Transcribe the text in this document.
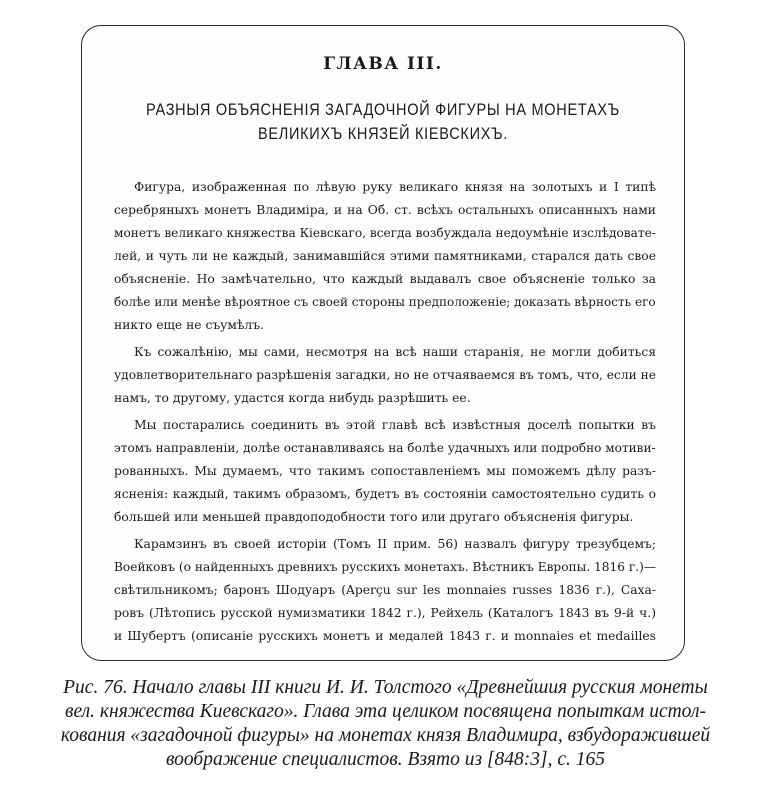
ГЛАВА III.
РАЗНЫЯ ОБЪЯСНЕНІЯ ЗАГАДОЧНОЙ ФИГУРЫ НА МОНЕТАХЪ
ВЕЛИКИХЪ КНЯЗЕЙ КІЕВСКИХЪ.
Фигура, изображенная по лѣвую руку великаго князя на золотыхъ и I типѣ
серебряныхъ монетъ Владиміра, и на Об. ст. всѣхъ остальныхъ описанныхъ нами
монетъ великаго княжества Кіевскаго, всегда возбуждала недоумѣніе изслѣдовате-
лей, и чуть ли не каждый, занимавшійся этими памятниками, старался дать свое
объясненіе. Но замѣчательно, что каждый выдавалъ свое объясненіе только за
болѣе или менѣе вѣроятное съ своей стороны предположеніе; доказать вѣрность его
никто еще не съумѣлъ.
Къ сожалѣнію, мы сами, несмотря на всѣ наши старанія, не могли добиться
удовлетворительнаго разрѣшенія загадки, но не отчаяваемся въ томъ, что, если не
намъ, то другому, удастся когда нибудь разрѣшить ее.
Мы постарались соединить въ этой главѣ всѣ извѣстныя доселѣ попытки въ
этомъ направленіи, долѣе останавливаясь на болѣе удачныхъ или подробно мотиви-
рованныхъ. Мы думаемъ, что такимъ сопоставленіемъ мы поможемъ дѣлу разъ-
ясненія: каждый, такимъ образомъ, будетъ въ состояніи самостоятельно судить о
большей или меньшей правдоподобности того или другаго объясненія фигуры.
Карамзинъ въ своей исторіи (Томъ II прим. 56) назвалъ фигуру трезубцемъ;
Воейковъ (о найденныхъ древнихъ русскихъ монетахъ. Вѣстникъ Европы. 1816 г.)—
свѣтильникомъ; баронъ Шодуаръ (Aperçu sur les monnaies russes 1836 г.), Саха-
ровъ (Лѣтопись русской нумизматики 1842 г.), Рейхель (Каталогъ 1843 въ 9-й ч.)
и Шубертъ (описаніе русскихъ монетъ и медалей 1843 г. и monnaies et medailles
Рис. 76. Начало главы III книги И. И. Толстого «Древнейшия русския монеты
вел. княжества Киевскаго». Глава эта целиком посвящена попыткам истол-
кования «загадочной фигуры» на монетах князя Владимира, взбудоражившей
воображение специалистов. Взято из [848:3], с. 165
